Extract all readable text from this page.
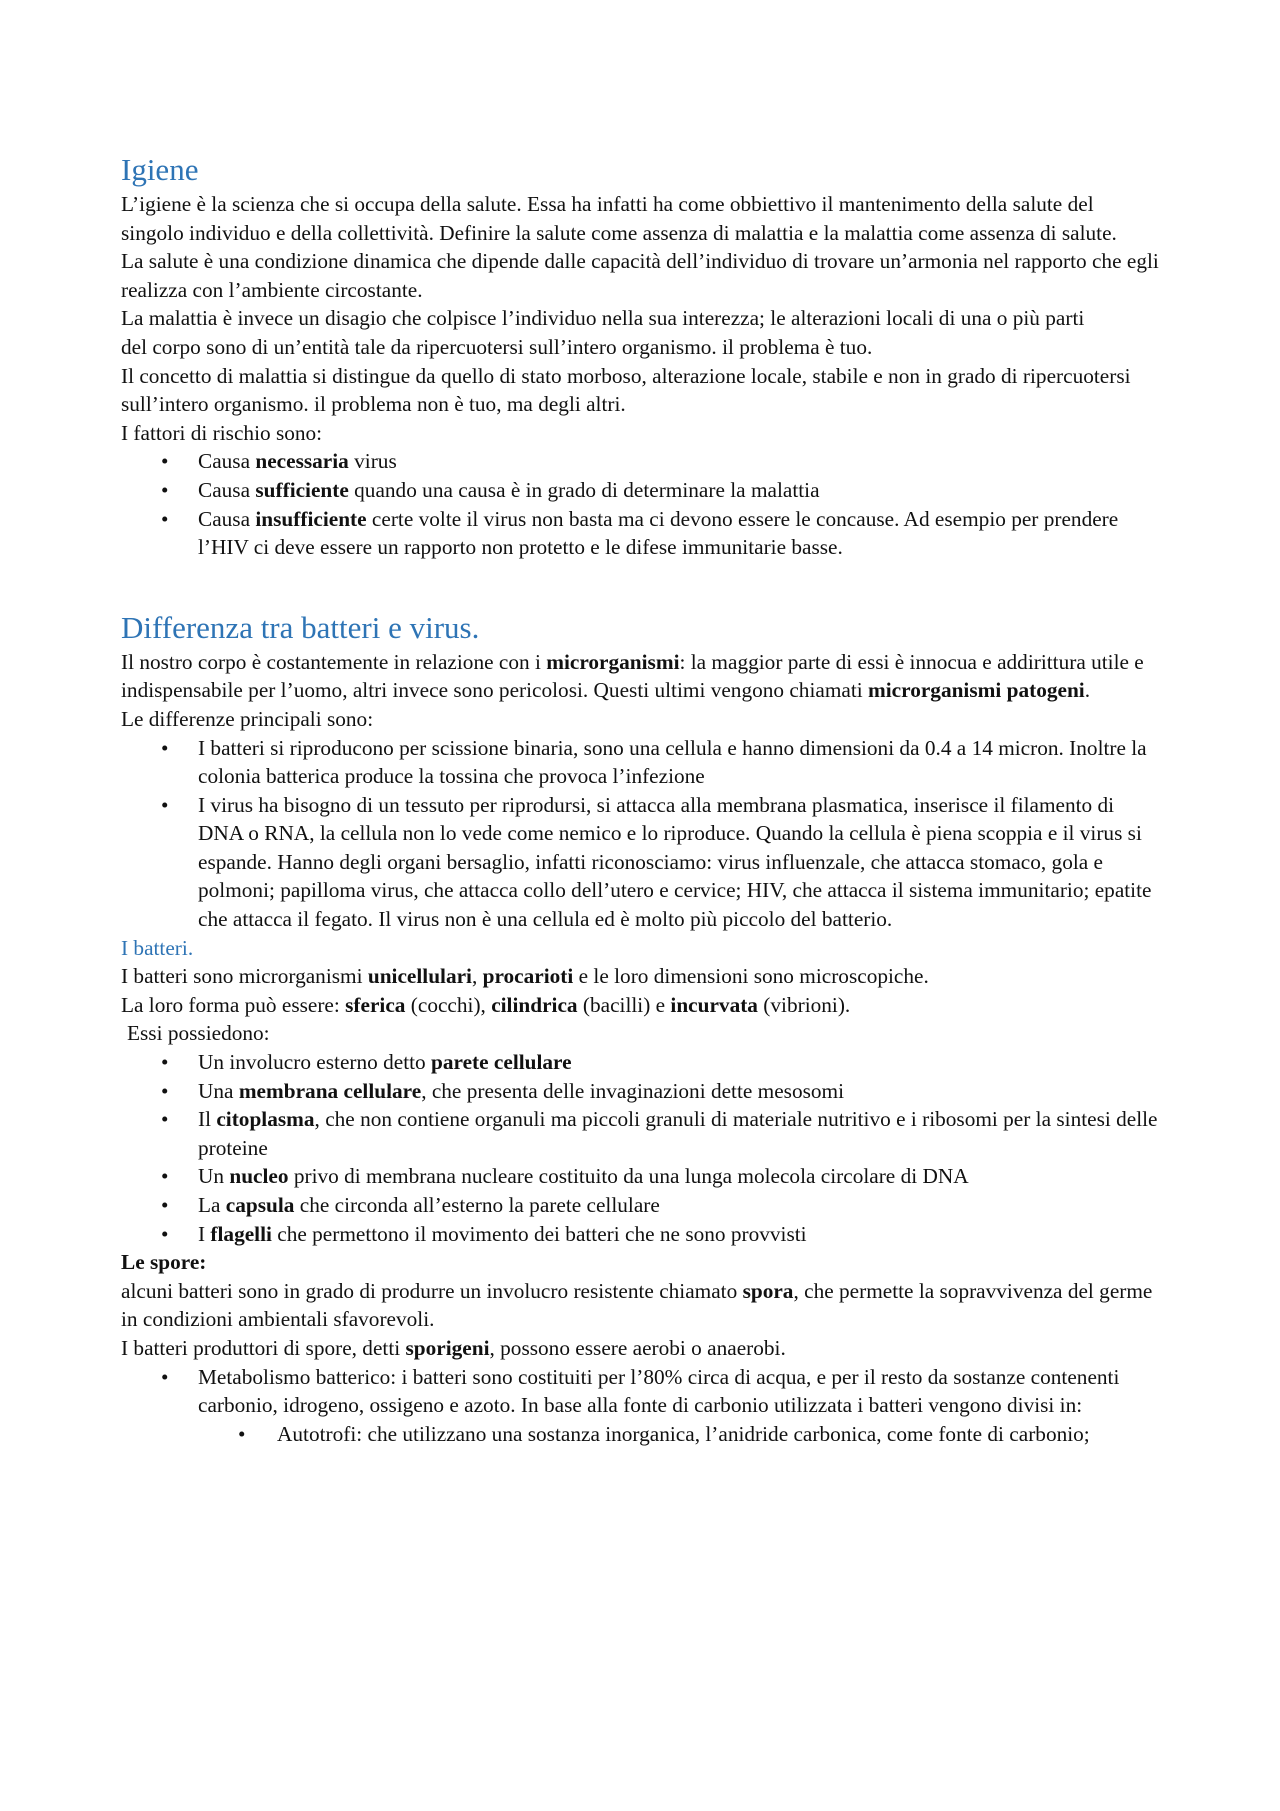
Igiene

L’igiene è la scienza che si occupa della salute. Essa ha infatti ha come obbiettivo il mantenimento della salute del singolo individuo e della collettività. Definire la salute come assenza di malattia e la malattia come assenza di salute.

La salute è una condizione dinamica che dipende dalle capacità dell’individuo di trovare un’armonia nel rapporto che egli realizza con l’ambiente circostante.

La malattia è invece un disagio che colpisce l’individuo nella sua interezza; le alterazioni locali di una o più parti

del corpo sono di un’entità tale da ripercuotersi sull’intero organismo. il problema è tuo.

Il concetto di malattia si distingue da quello di stato morboso, alterazione locale, stabile e non in grado di ripercuotersi sull’intero organismo. il problema non è tuo, ma degli altri.

I fattori di rischio sono:

• Causa necessaria virus
• Causa sufficiente quando una causa è in grado di determinare la malattia
• Causa insufficiente certe volte il virus non basta ma ci devono essere le concause. Ad esempio per prendere l’HIV ci deve essere un rapporto non protetto e le difese immunitarie basse.
Differenza tra batteri e virus.

Il nostro corpo è costantemente in relazione con i microrganismi: la maggior parte di essi è innocua e addirittura utile e indispensabile per l’uomo, altri invece sono pericolosi. Questi ultimi vengono chiamati microrganismi patogeni.

Le differenze principali sono:

• I batteri si riproducono per scissione binaria, sono una cellula e hanno dimensioni da 0.4 a 14 micron. Inoltre la colonia batterica produce la tossina che provoca l’infezione
• I virus ha bisogno di un tessuto per riprodursi, si attacca alla membrana plasmatica, inserisce il filamento di DNA o RNA, la cellula non lo vede come nemico e lo riproduce. Quando la cellula è piena scoppia e il virus si espande. Hanno degli organi bersaglio, infatti riconosciamo: virus influenzale, che attacca stomaco, gola e polmoni; papilloma virus, che attacca collo dell’utero e cervice; HIV, che attacca il sistema immunitario; epatite che attacca il fegato. Il virus non è una cellula ed è molto più piccolo del batterio.
I batteri.

I batteri sono microrganismi unicellulari, procarioti e le loro dimensioni sono microscopiche.

La loro forma può essere: sferica (cocchi), cilindrica (bacilli) e incurvata (vibrioni).

Essi possiedono:

• Un involucro esterno detto parete cellulare
• Una membrana cellulare, che presenta delle invaginazioni dette mesosomi
• Il citoplasma, che non contiene organuli ma piccoli granuli di materiale nutritivo e i ribosomi per la sintesi delle proteine
• Un nucleo privo di membrana nucleare costituito da una lunga molecola circolare di DNA
• La capsula che circonda all’esterno la parete cellulare
• I flagelli che permettono il movimento dei batteri che ne sono provvisti

Le spore:

alcuni batteri sono in grado di produrre un involucro resistente chiamato spora, che permette la sopravvivenza del germe in condizioni ambientali sfavorevoli.

I batteri produttori di spore, detti sporigeni, possono essere aerobi o anaerobi.

• Metabolismo batterico: i batteri sono costituiti per l’80% circa di acqua, e per il resto da sostanze contenenti carbonio, idrogeno, ossigeno e azoto. In base alla fonte di carbonio utilizzata i batteri vengono divisi in:
• Autotrofi: che utilizzano una sostanza inorganica, l’anidride carbonica, come fonte di carbonio;
